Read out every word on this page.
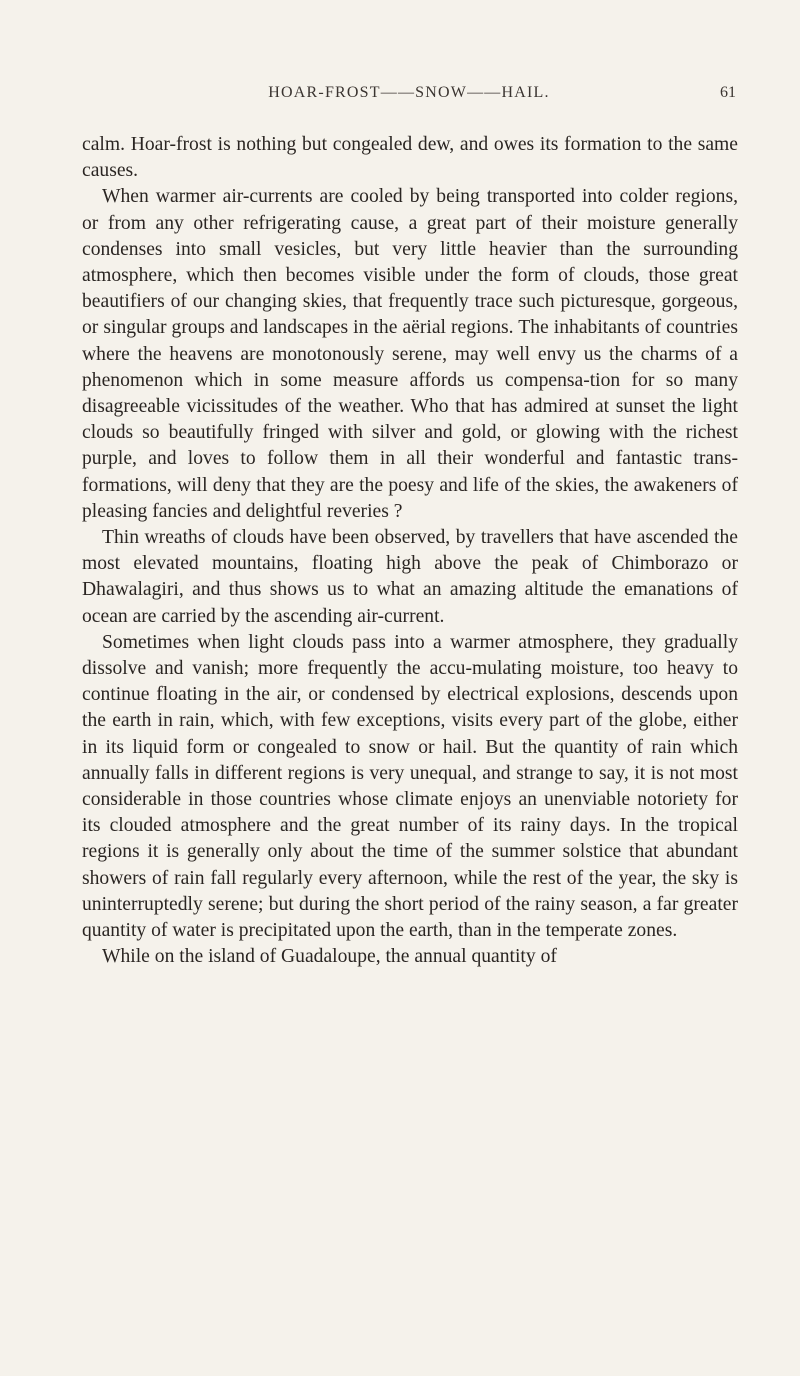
HOAR-FROST——SNOW——HAIL.	61

calm. Hoar-frost is nothing but congealed dew, and owes its formation to the same causes.

When warmer air-currents are cooled by being transported into colder regions, or from any other refrigerating cause, a great part of their moisture generally condenses into small vesicles, but very little heavier than the surrounding atmosphere, which then becomes visible under the form of clouds, those great beautifiers of our changing skies, that frequently trace such picturesque, gorgeous, or singular groups and landscapes in the aërial regions. The inhabitants of countries where the heavens are monotonously serene, may well envy us the charms of a phenomenon which in some measure affords us compensa-tion for so many disagreeable vicissitudes of the weather. Who that has admired at sunset the light clouds so beautifully fringed with silver and gold, or glowing with the richest purple, and loves to follow them in all their wonderful and fantastic trans-formations, will deny that they are the poesy and life of the skies, the awakeners of pleasing fancies and delightful reveries ?

Thin wreaths of clouds have been observed, by travellers that have ascended the most elevated mountains, floating high above the peak of Chimborazo or Dhawalagiri, and thus shows us to what an amazing altitude the emanations of ocean are carried by the ascending air-current.

Sometimes when light clouds pass into a warmer atmosphere, they gradually dissolve and vanish; more frequently the accu-mulating moisture, too heavy to continue floating in the air, or condensed by electrical explosions, descends upon the earth in rain, which, with few exceptions, visits every part of the globe, either in its liquid form or congealed to snow or hail. But the quantity of rain which annually falls in different regions is very unequal, and strange to say, it is not most considerable in those countries whose climate enjoys an unenviable notoriety for its clouded atmosphere and the great number of its rainy days. In the tropical regions it is generally only about the time of the summer solstice that abundant showers of rain fall regularly every afternoon, while the rest of the year, the sky is uninterruptedly serene; but during the short period of the rainy season, a far greater quantity of water is precipitated upon the earth, than in the temperate zones.

While on the island of Guadaloupe, the annual quantity of
